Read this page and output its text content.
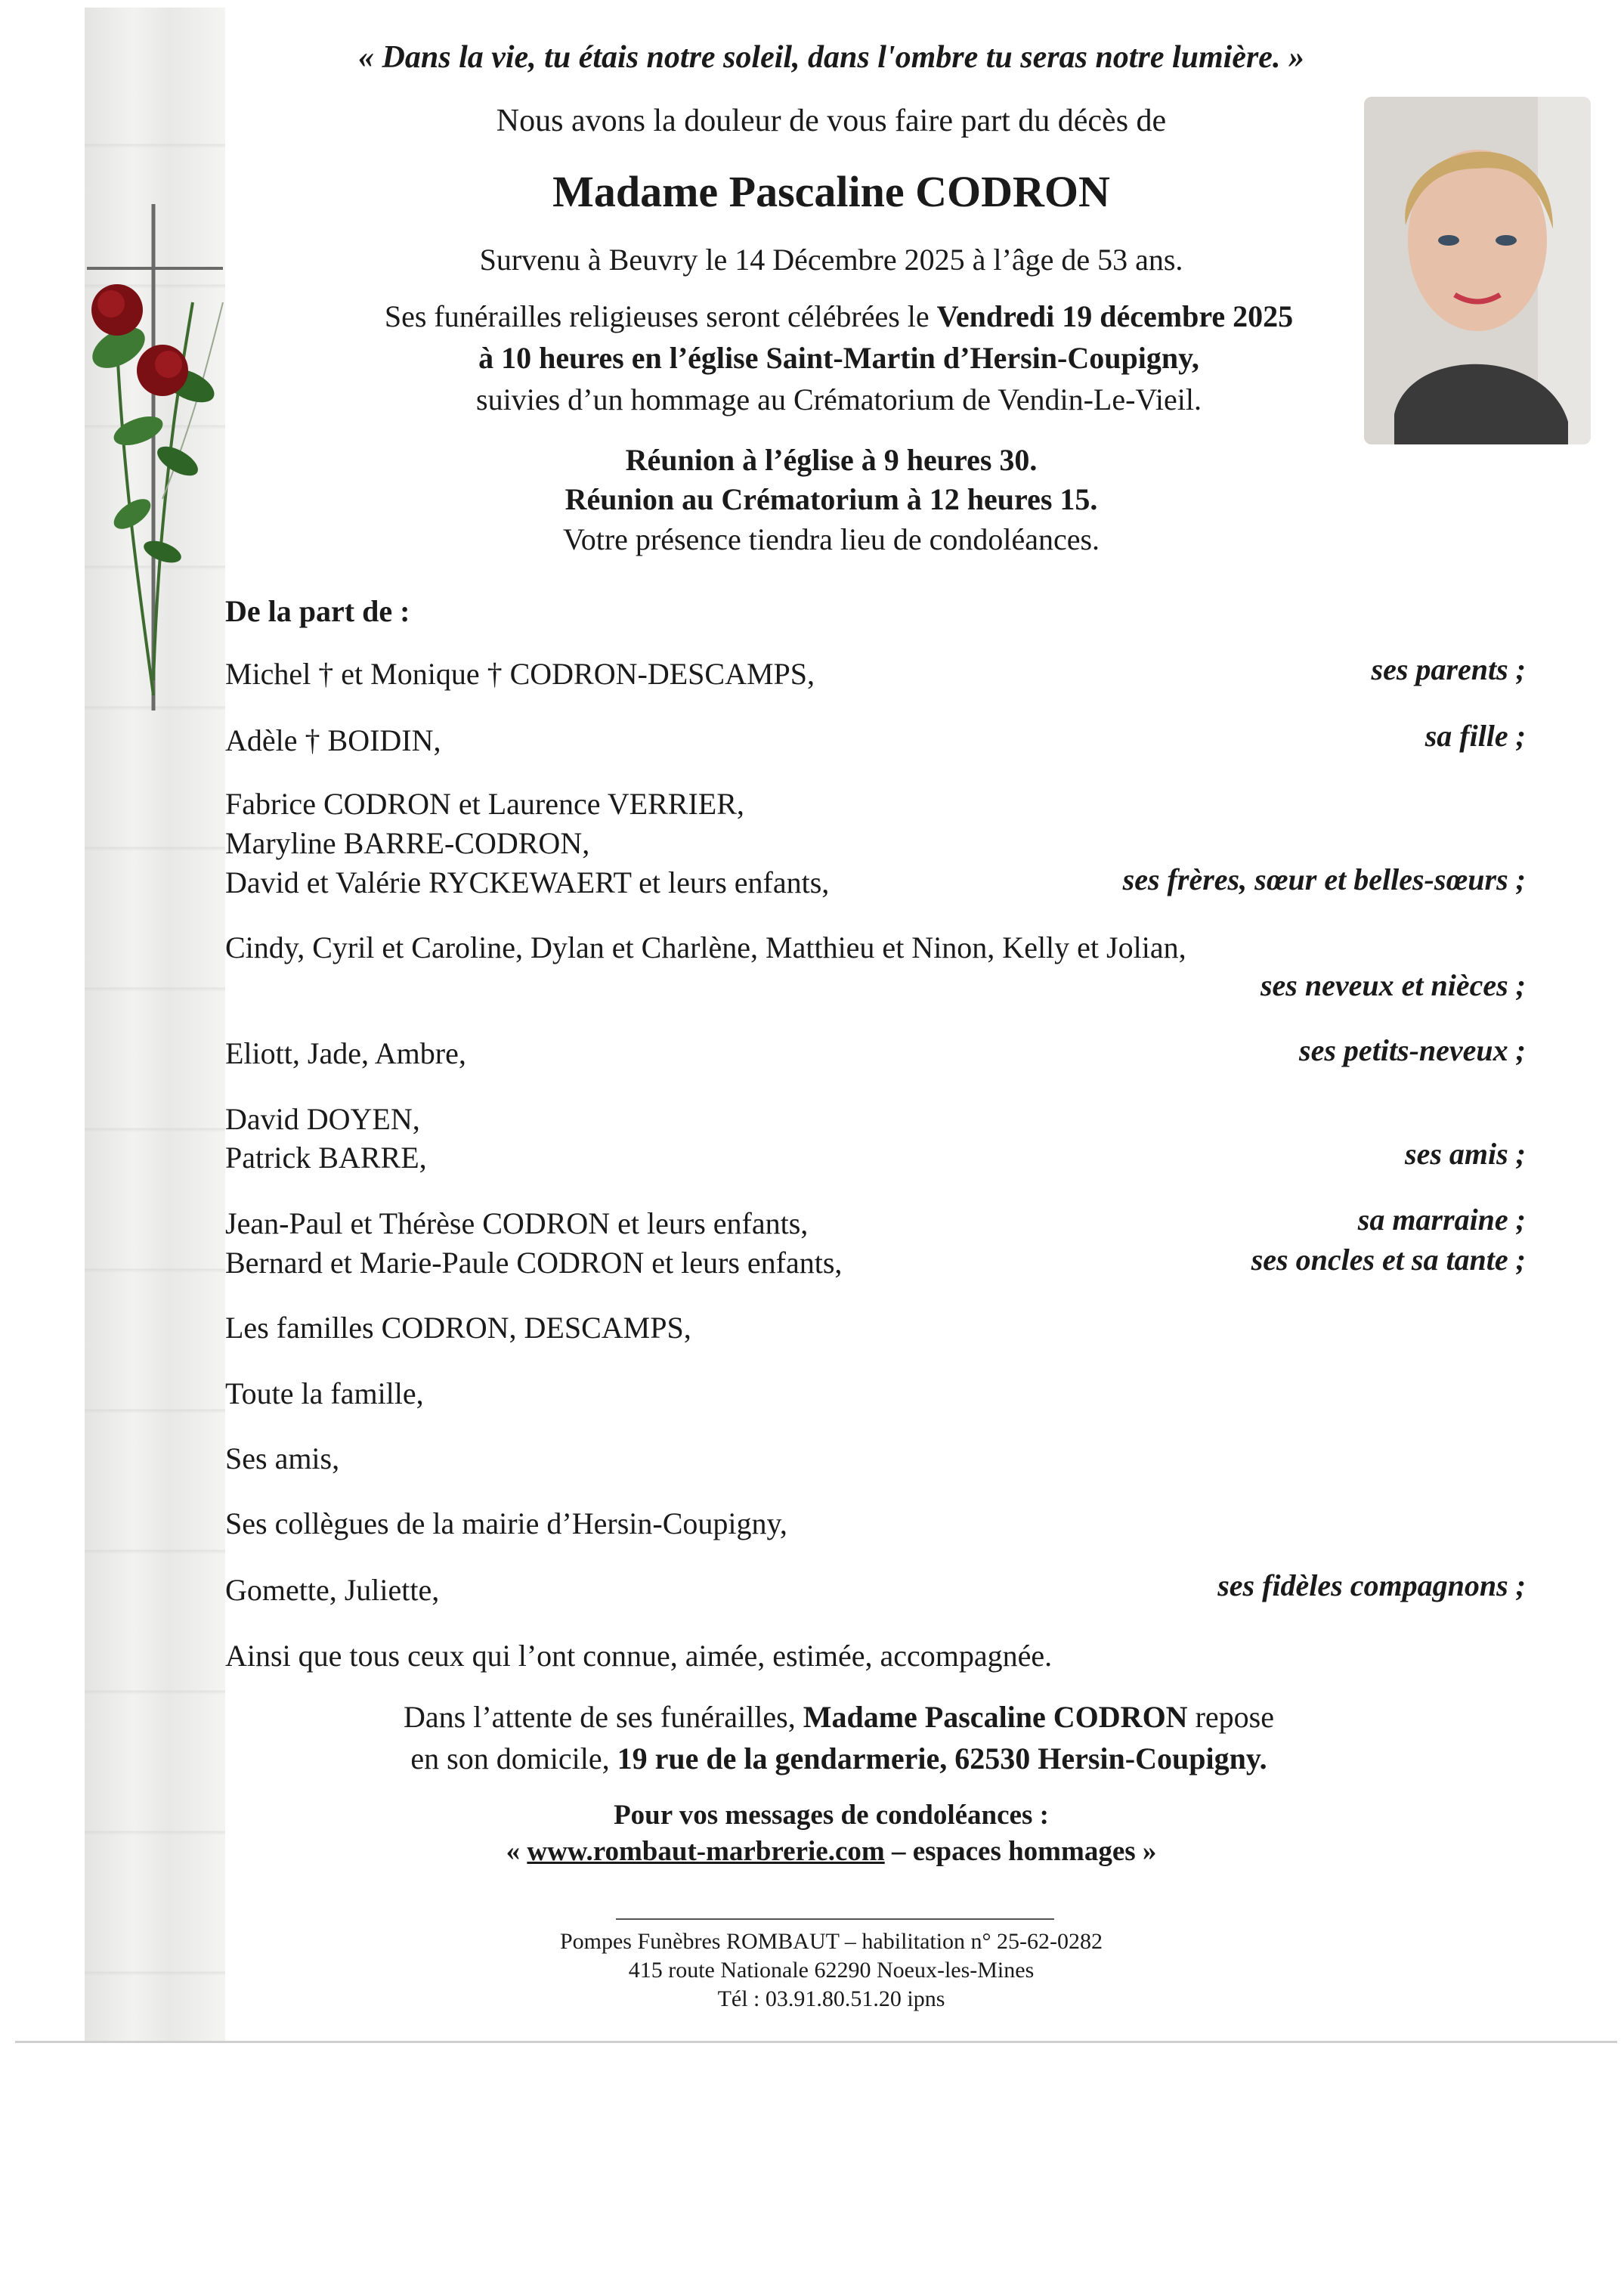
« Dans la vie, tu étais notre soleil, dans l'ombre tu seras notre lumière. »
Nous avons la douleur de vous faire part du décès de
Madame Pascaline CODRON
Survenu à Beuvry le 14 Décembre 2025 à l’âge de 53 ans.
Ses funérailles religieuses seront célébrées le Vendredi 19 décembre 2025
à 10 heures en l’église Saint-Martin d’Hersin-Coupigny,
suivies d’un hommage au Crématorium de Vendin-Le-Vieil.
Réunion à l’église à 9 heures 30.
Réunion au Crématorium à 12 heures 15.
Votre présence tiendra lieu de condoléances.
De la part de :
Michel † et Monique † CODRON-DESCAMPS,	ses parents ;
Adèle † BOIDIN,	sa fille ;
Fabrice CODRON et Laurence VERRIER,
Maryline BARRE-CODRON,
David et Valérie RYCKEWAERT et leurs enfants,	ses frères, sœur et belles-sœurs ;
Cindy, Cyril et Caroline, Dylan et Charlène, Matthieu et Ninon, Kelly et Jolian,
ses neveux et nièces ;
Eliott, Jade, Ambre,	ses petits-neveux ;
David DOYEN,
Patrick BARRE,	ses amis ;
Jean-Paul et Thérèse CODRON et leurs enfants,	sa marraine ;
Bernard et Marie-Paule CODRON et leurs enfants,	ses oncles et sa tante ;
Les familles CODRON, DESCAMPS,
Toute la famille,
Ses amis,
Ses collègues de la mairie d’Hersin-Coupigny,
Gomette, Juliette,	ses fidèles compagnons ;
Ainsi que tous ceux qui l’ont connue, aimée, estimée, accompagnée.
Dans l’attente de ses funérailles, Madame Pascaline CODRON repose
en son domicile, 19 rue de la gendarmerie, 62530 Hersin-Coupigny.
Pour vos messages de condoléances :
« www.rombaut-marbrerie.com – espaces hommages »
Pompes Funèbres ROMBAUT – habilitation n° 25-62-0282
415 route Nationale 62290 Noeux-les-Mines
Tél : 03.91.80.51.20 ipns
